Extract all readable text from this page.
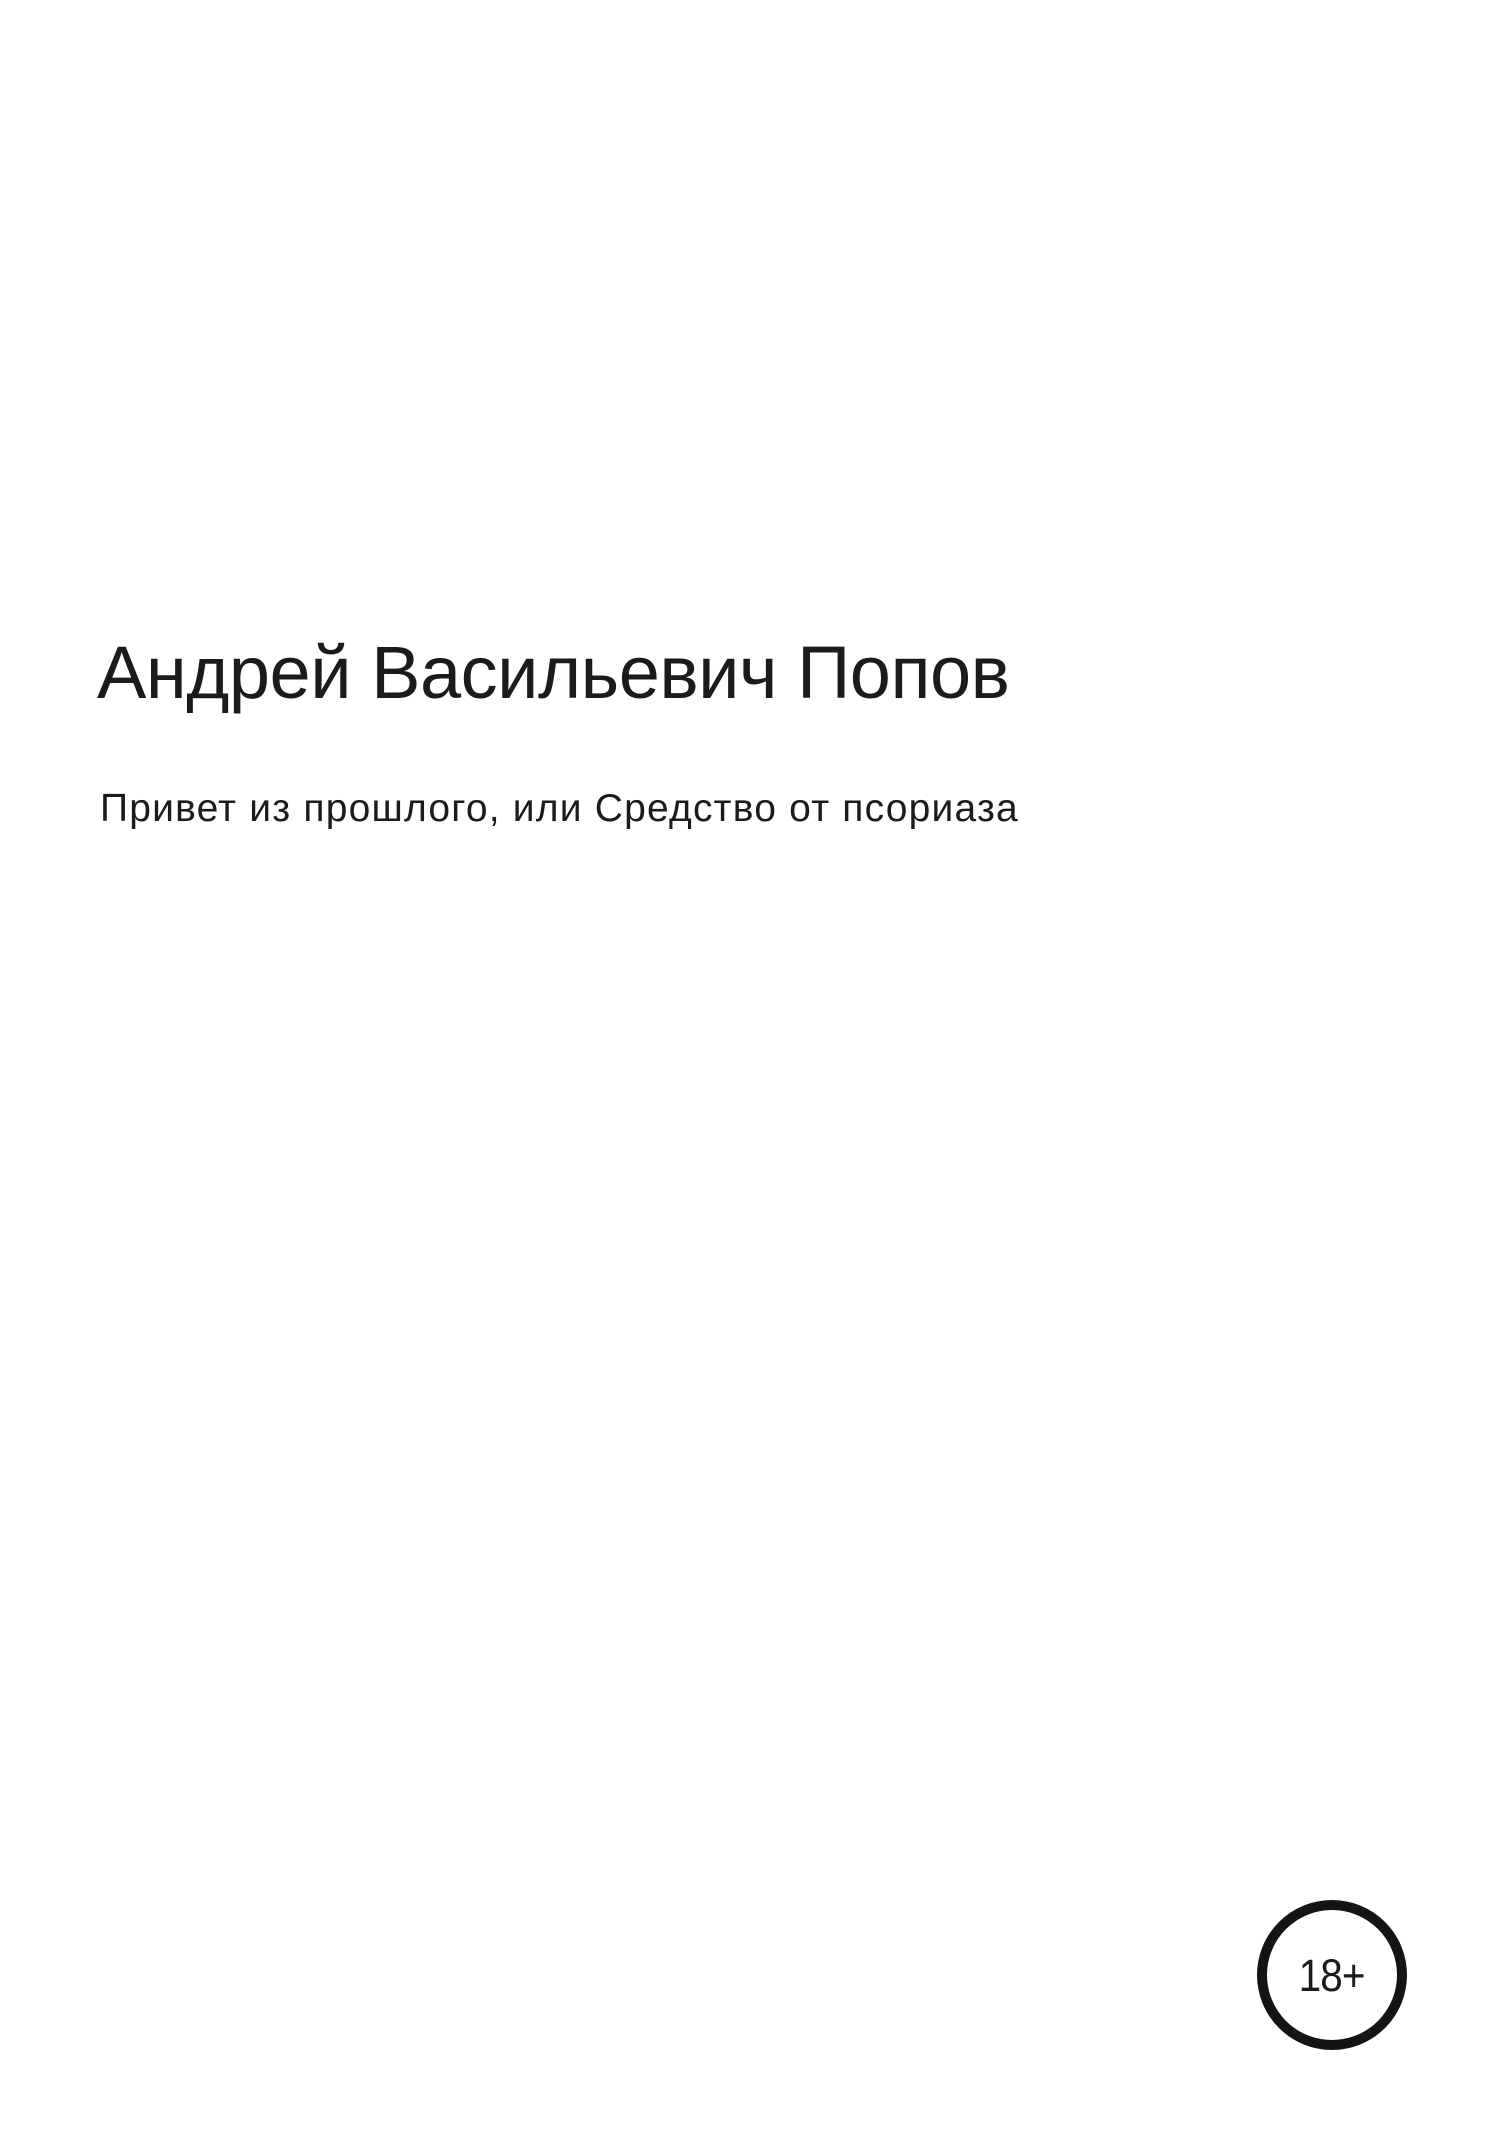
Андрей Васильевич Попов
Привет из прошлого, или Средство от псориаза
18+
